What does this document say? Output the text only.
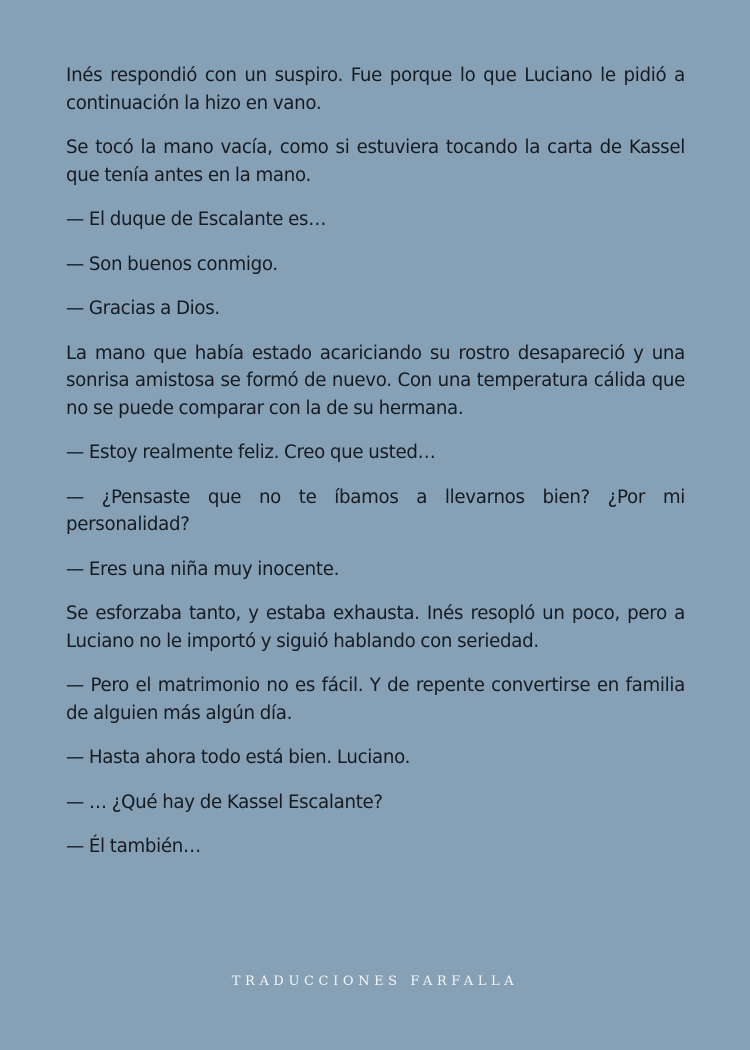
Inés respondió con un suspiro. Fue porque lo que Luciano le pidió a continuación la hizo en vano.

Se tocó la mano vacía, como si estuviera tocando la carta de Kassel que tenía antes en la mano.

— El duque de Escalante es…

— Son buenos conmigo.

— Gracias a Dios.

La mano que había estado acariciando su rostro desapareció y una sonrisa amistosa se formó de nuevo. Con una temperatura cálida que no se puede comparar con la de su hermana.

— Estoy realmente feliz. Creo que usted…

— ¿Pensaste que no te íbamos a llevarnos bien? ¿Por mi personalidad?

— Eres una niña muy inocente.

Se esforzaba tanto, y estaba exhausta. Inés resopló un poco, pero a Luciano no le importó y siguió hablando con seriedad.

— Pero el matrimonio no es fácil. Y de repente convertirse en familia de alguien más algún día.

— Hasta ahora todo está bien. Luciano.

— … ¿Qué hay de Kassel Escalante?

— Él también…

TRADUCCIONES FARFALLA
